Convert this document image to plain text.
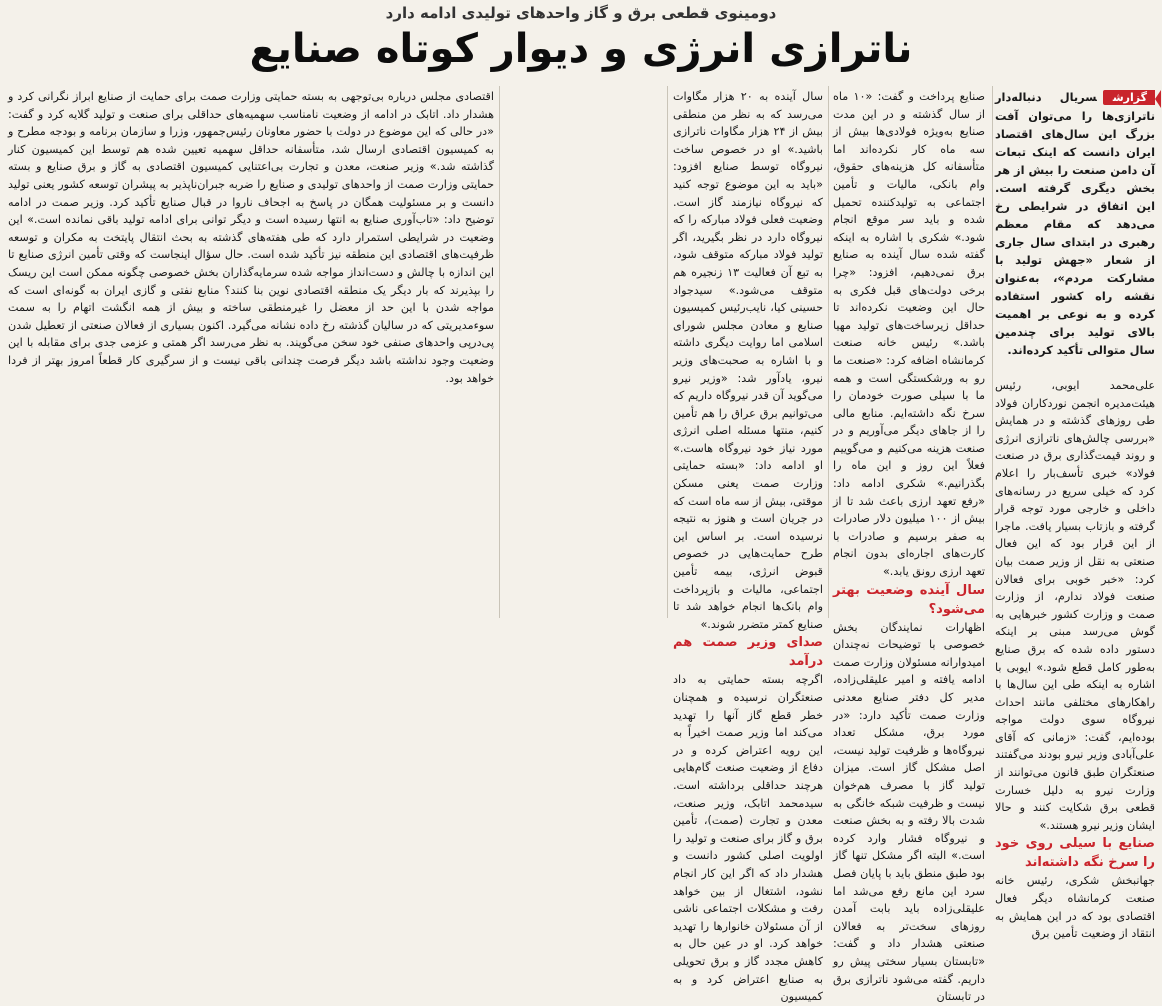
دومینوی قطعی برق و گاز واحدهای تولیدی ادامه دارد
ناترازی انرژی و دیوار کوتاه صنایع

گزارشسریال دنباله‌دار ناترازی‌ها را می‌توان آفت بزرگ این سال‌های اقتصاد ایران دانست که اینک تبعات آن دامن صنعت را بیش از هر بخش دیگری گرفته است. این اتفاق در شرایطی رخ می‌دهد که مقام معظم رهبری در ابتدای سال جاری از شعار «جهش تولید با مشارکت مردم»، به‌عنوان نقشه راه کشور استفاده کرده و به نوعی بر اهمیت بالای تولید برای چندمین سال متوالی تأکید کرده‌اند.

علی‌محمد ایوبی، رئیس هیئت‌مدیره انجمن نوردکاران فولاد طی روزهای گذشته و در همایش «بررسی چالش‌های ناترازی انرژی و روند قیمت‌گذاری برق در صنعت فولاد» خبری تأسف‌بار را اعلام کرد که خیلی سریع در رسانه‌های داخلی و خارجی مورد توجه قرار گرفته و بازتاب بسیار یافت. ماجرا از این قرار بود که این فعال صنعتی به نقل از وزیر صمت بیان کرد: «خبر خوبی برای فعالان صنعت فولاد ندارم، از وزارت صمت و وزارت کشور خبرهایی به گوش می‌رسد مبنی بر اینکه دستور داده شده که برق صنایع به‌طور کامل قطع شود.» ایوبی با اشاره به اینکه طی این سال‌ها با راهکارهای مختلفی مانند احداث نیروگاه سوی دولت مواجه بوده‌ایم، گفت: «زمانی که آقای علی‌آبادی وزیر نیرو بودند می‌گفتند صنعتگران طبق قانون می‌توانند از وزارت نیرو به دلیل خسارت قطعی برق شکایت کنند و حالا ایشان وزیر نیرو هستند.»

صنایع با سیلی روی خود را سرخ نگه داشته‌اند

جهانبخش شکری، رئیس خانه صنعت کرمانشاه دیگر فعال اقتصادی بود که در این همایش به انتقاد از وضعیت تأمین برق

صنایع پرداخت و گفت: «۱۰ ماه از سال گذشته و در این مدت صنایع به‌ویژه فولادی‌ها بیش از سه ماه کار نکرده‌اند اما متأسفانه کل هزینه‌های حقوق، وام بانکی، مالیات و تأمین اجتماعی به تولیدکننده تحمیل شده و باید سر موقع انجام شود.» شکری با اشاره به اینکه گفته شده سال آینده به صنایع برق نمی‌دهیم، افزود: «چرا برخی دولت‌های قبل فکری به حال این وضعیت نکرده‌اند تا حداقل زیرساخت‌های تولید مهیا باشد.» رئیس خانه صنعت کرمانشاه اضافه کرد: «صنعت ما رو به ورشکستگی است و همه ما با سیلی صورت خودمان را سرخ نگه داشته‌ایم. منابع مالی را از جاهای دیگر می‌آوریم و در صنعت هزینه می‌کنیم و می‌گوییم فعلاً این روز و این ماه را بگذرانیم.» شکری ادامه داد: «رفع تعهد ارزی باعث شد تا از بیش از ۱۰۰ میلیون دلار صادرات به صفر برسیم و صادرات با کارت‌های اجاره‌ای بدون انجام تعهد ارزی رونق یابد.»

سال آینده وضعیت بهتر می‌شود؟

اظهارات نمایندگان بخش خصوصی با توضیحات نه‌چندان امیدوارانه مسئولان وزارت صمت ادامه یافته و امیر علیقلی‌زاده، مدیر کل دفتر صنایع معدنی وزارت صمت تأکید دارد: «در مورد برق، مشکل تعداد نیروگاه‌ها و ظرفیت تولید نیست، اصل مشکل گاز است. میزان تولید گاز با مصرف هم‌خوان نیست و ظرفیت شبکه خانگی به شدت بالا رفته و به بخش صنعت و نیروگاه فشار وارد کرده است.» البته اگر مشکل تنها گاز بود طبق منطق باید با پایان فصل سرد این مانع رفع می‌شد اما علیقلی‌زاده باید بابت آمدن روزهای سخت‌تر به فعالان صنعتی هشدار داد و گفت: «تابستان بسیار سختی پیش رو داریم. گفته می‌شود ناترازی برق در تابستان

سال آینده به ۲۰ هزار مگاوات می‌رسد که به نظر من منطقی بیش از ۲۴ هزار مگاوات ناترازی باشید.» او در خصوص ساخت نیروگاه توسط صنایع افزود: «باید به این موضوع توجه کنید که نیروگاه نیازمند گاز است. وضعیت فعلی فولاد مبارکه را که نیروگاه دارد در نظر بگیرید، اگر تولید فولاد مبارکه متوقف شود، به تبع آن فعالیت ۱۳ زنجیره هم متوقف می‌شود.» سیدجواد حسینی کیا، نایب‌رئیس کمیسیون صنایع و معادن مجلس شورای اسلامی اما روایت دیگری داشته و با اشاره به صحبت‌های وزیر نیرو، یادآور شد: «وزیر نیرو می‌گوید آن قدر نیروگاه داریم که می‌توانیم برق عراق را هم تأمین کنیم، منتها مسئله اصلی انرژی مورد نیاز خود نیروگاه هاست.» او ادامه داد: «بسته حمایتی وزارت صمت یعنی مسکن موقتی، بیش از سه ماه است که در جریان است و هنوز به نتیجه نرسیده است. بر اساس این طرح حمایت‌هایی در خصوص قبوض انرژی، بیمه تأمین اجتماعی، مالیات و بازپرداخت وام بانک‌ها انجام خواهد شد تا صنایع کمتر متضرر شوند.»

صدای وزیر صمت هم درآمد

اگرچه بسته حمایتی به داد صنعتگران نرسیده و همچنان خطر قطع گاز آنها را تهدید می‌کند اما وزیر صمت اخیراً به این رویه اعتراض کرده و در دفاع از وضعیت صنعت گام‌هایی هرچند حداقلی برداشته است. سیدمحمد اتابک، وزیر صنعت، معدن و تجارت (صمت)، تأمین برق و گاز برای صنعت و تولید را اولویت اصلی کشور دانست و هشدار داد که اگر این کار انجام نشود، اشتغال از بین خواهد رفت و مشکلات اجتماعی ناشی از آن مسئولان خانوارها را تهدید خواهد کرد. او در عین حال به کاهش مجدد گاز و برق تحویلی به صنایع اعتراض کرد و به کمیسیون

اقتصادی مجلس درباره بی‌توجهی به بسته حمایتی وزارت صمت برای حمایت از صنایع ابراز نگرانی کرد و هشدار داد. اتابک در ادامه از وضعیت نامناسب سهمیه‌های حداقلی برای صنعت و تولید گلایه کرد و گفت: «در حالی که این موضوع در دولت با حضور معاونان رئیس‌جمهور، وزرا و سازمان برنامه و بودجه مطرح و به کمیسیون اقتصادی ارسال شد، متأسفانه حداقل سهمیه تعیین شده هم توسط این کمیسیون کنار گذاشته شد.» وزیر صنعت، معدن و تجارت بی‌اعتنایی کمیسیون اقتصادی به گاز و برق صنایع و بسته حمایتی وزارت صمت از واحدهای تولیدی و صنایع را ضربه جبران‌ناپذیر به پیشران توسعه کشور یعنی تولید دانست و بر مسئولیت همگان در پاسخ به اجحاف ناروا در قبال صنایع تأکید کرد. وزیر صمت در ادامه توضیح داد: «تاب‌آوری صنایع به انتها رسیده است و دیگر توانی برای ادامه تولید باقی نمانده است.» این وضعیت در شرایطی استمرار دارد که طی هفته‌های گذشته به بحث انتقال پایتخت به مکران و توسعه ظرفیت‌های اقتصادی این منطقه نیز تأکید شده است. حال سؤال اینجاست که وقتی تأمین انرژی صنایع تا این اندازه با چالش و دست‌انداز مواجه شده سرمایه‌گذاران بخش خصوصی چگونه ممکن است این ریسک را بپذیرند که بار دیگر یک منطقه اقتصادی نوین بنا کنند؟ منابع نفتی و گازی ایران به گونه‌ای است که مواجه شدن با این حد از معضل را غیرمنطقی ساخته و بیش از همه انگشت اتهام را به سمت سوءمدیریتی که در سالیان گذشته رخ داده نشانه می‌گیرد. اکنون بسیاری از فعالان صنعتی از تعطیل شدن پی‌درپی واحدهای صنفی خود سخن می‌گویند. به نظر می‌رسد اگر همتی و عزمی جدی برای مقابله با این وضعیت وجود نداشته باشد دیگر فرصت چندانی باقی نیست و از سرگیری کار قطعاً امروز بهتر از فردا خواهد بود.
